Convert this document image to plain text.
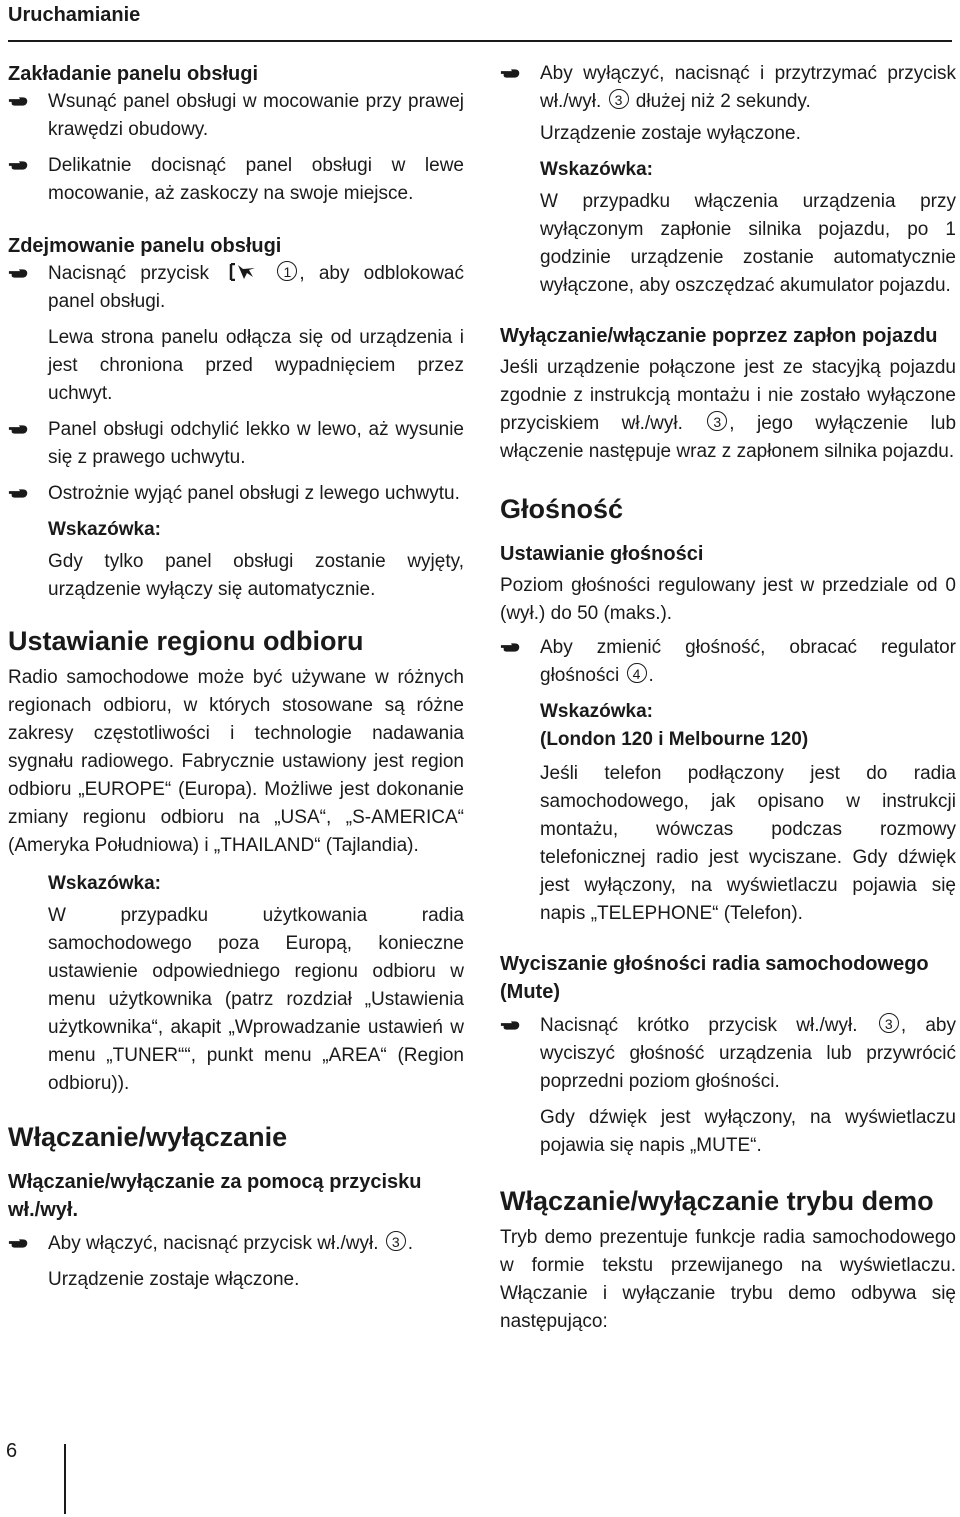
Uruchamianie
Zakładanie panelu obsługi
Wsunąć panel obsługi w mocowanie przy prawej krawędzi obudowy.
Delikatnie docisnąć panel obsługi w lewe mocowanie, aż zaskoczy na swoje miejsce.
Zdejmowanie panelu obsługi
Nacisnąć przycisk	1 , aby odblokować panel obsługi.
Lewa strona panelu odłącza się od urządzenia i jest chroniona przed wypadnięciem przez uchwyt.
Panel obsługi odchylić lekko w lewo, aż wysunie się z prawego uchwytu.
Ostrożnie wyjąć panel obsługi z lewego uchwytu.
Wskazówka:
Gdy tylko panel obsługi zostanie wyjęty, urządzenie wyłączy się automatycznie.
Ustawianie regionu odbioru
Radio samochodowe może być używane w różnych regionach odbioru, w których stosowane są różne zakresy częstotliwości i technologie nadawania sygnału radiowego. Fabrycznie ustawiony jest region odbioru „EUROPE“ (Europa). Możliwe jest dokonanie zmiany regionu odbioru na „USA“, „S-AMERICA“ (Ameryka Południowa) i „THAILAND“ (Tajlandia).
Wskazówka:
W przypadku użytkowania radia samochodowego poza Europą, konieczne ustawienie odpowiedniego regionu odbioru w menu użytkownika (patrz rozdział „Ustawienia użytkownika“, akapit „Wprowadzanie ustawień w menu „TUNER““, punkt menu „AREA“ (Region odbioru)).
Włączanie/wyłączanie
Włączanie/wyłączanie za pomocą przycisku wł./wył.
Aby włączyć, nacisnąć przycisk wł./wył. 3 .
Urządzenie zostaje włączone.
Aby wyłączyć, nacisnąć i przytrzymać przycisk wł./wył. 3 dłużej niż 2 sekundy.
Urządzenie zostaje wyłączone.
Wskazówka:
W przypadku włączenia urządzenia przy wyłączonym zapłonie silnika pojazdu, po 1 godzinie urządzenie zostanie automatycznie wyłączone, aby oszczędzać akumulator pojazdu.
Wyłączanie/włączanie poprzez zapłon pojazdu
Jeśli urządzenie połączone jest ze stacyjką pojazdu zgodnie z instrukcją montażu i nie zostało wyłączone przyciskiem wł./wył. 3 , jego wyłączenie lub włączenie następuje wraz z zapłonem silnika pojazdu.
Głośność
Ustawianie głośności
Poziom głośności regulowany jest w przedziale od 0 (wył.) do 50 (maks.).
Aby zmienić głośność, obracać regulator głośności 4 .
Wskazówka:
(London 120 i Melbourne 120)
Jeśli telefon podłączony jest do radia samochodowego, jak opisano w instrukcji montażu, wówczas podczas rozmowy telefonicznej radio jest wyciszane. Gdy dźwięk jest wyłączony, na wyświetlaczu pojawia się napis „TELEPHONE“ (Telefon).
Wyciszanie głośności radia samochodowego (Mute)
Nacisnąć krótko przycisk wł./wył. 3 , aby wyciszyć głośność urządzenia lub przywrócić poprzedni poziom głośności.
Gdy dźwięk jest wyłączony, na wyświetlaczu pojawia się napis „MUTE“.
Włączanie/wyłączanie trybu demo
Tryb demo prezentuje funkcje radia samochodowego w formie tekstu przewijanego na wyświetlaczu. Włączanie i wyłączanie trybu demo odbywa się następująco:
6
